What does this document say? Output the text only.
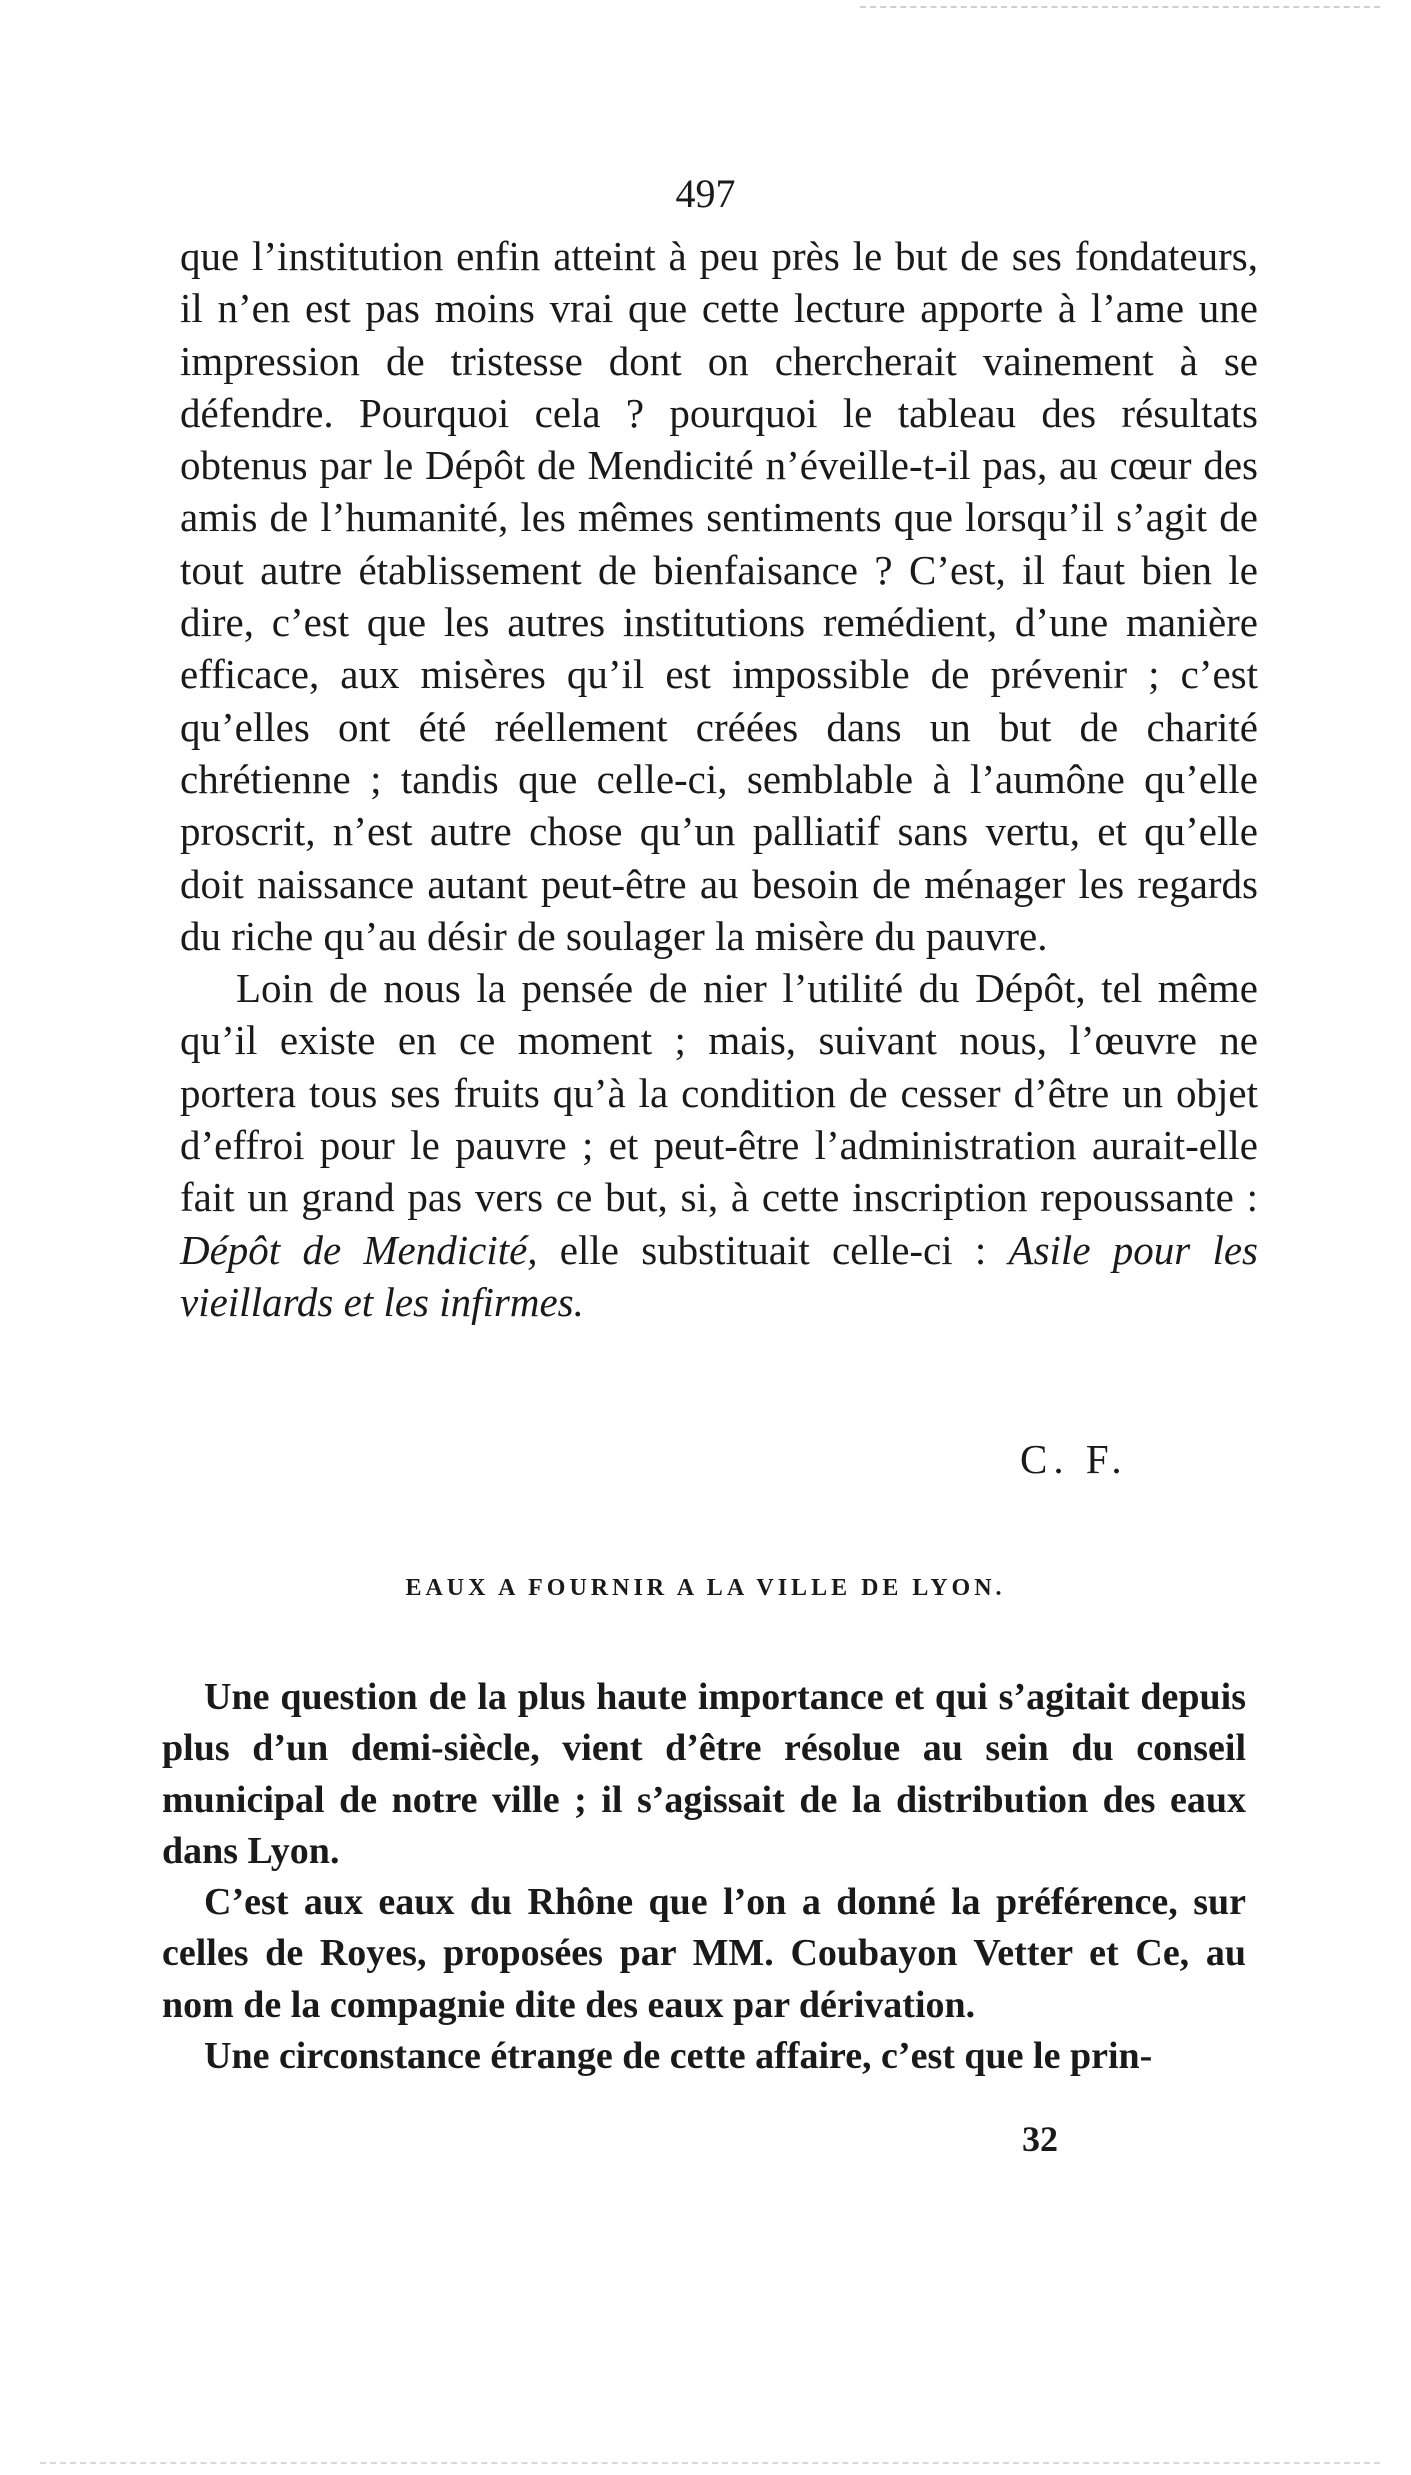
497

que l’institution enfin atteint à peu près le but de ses fondateurs, il n’en est pas moins vrai que cette lecture apporte à l’ame une impression de tristesse dont on chercherait vainement à se défendre. Pourquoi cela ? pourquoi le tableau des résultats obtenus par le Dépôt de Mendicité n’éveille-t-il pas, au cœur des amis de l’humanité, les mêmes sentiments que lorsqu’il s’agit de tout autre établissement de bienfaisance ? C’est, il faut bien le dire, c’est que les autres institutions remédient, d’une manière efficace, aux misères qu’il est impossible de prévenir ; c’est qu’elles ont été réellement créées dans un but de charité chrétienne ; tandis que celle-ci, semblable à l’aumône qu’elle proscrit, n’est autre chose qu’un palliatif sans vertu, et qu’elle doit naissance autant peut-être au besoin de ménager les regards du riche qu’au désir de soulager la misère du pauvre.

Loin de nous la pensée de nier l’utilité du Dépôt, tel même qu’il existe en ce moment ; mais, suivant nous, l’œuvre ne portera tous ses fruits qu’à la condition de cesser d’être un objet d’effroi pour le pauvre ; et peut-être l’administration aurait-elle fait un grand pas vers ce but, si, à cette inscription repoussante : Dépôt de Mendicité, elle substituait celle-ci : Asile pour les vieillards et les infirmes.

C. F.
EAUX A FOURNIR A LA VILLE DE LYON.

Une question de la plus haute importance et qui s’agitait depuis plus d’un demi-siècle, vient d’être résolue au sein du conseil municipal de notre ville ; il s’agissait de la distribution des eaux dans Lyon.

C’est aux eaux du Rhône que l’on a donné la préférence, sur celles de Royes, proposées par MM. Coubayon Vetter et Ce, au nom de la compagnie dite des eaux par dérivation.

Une circonstance étrange de cette affaire, c’est que le prin-

32
